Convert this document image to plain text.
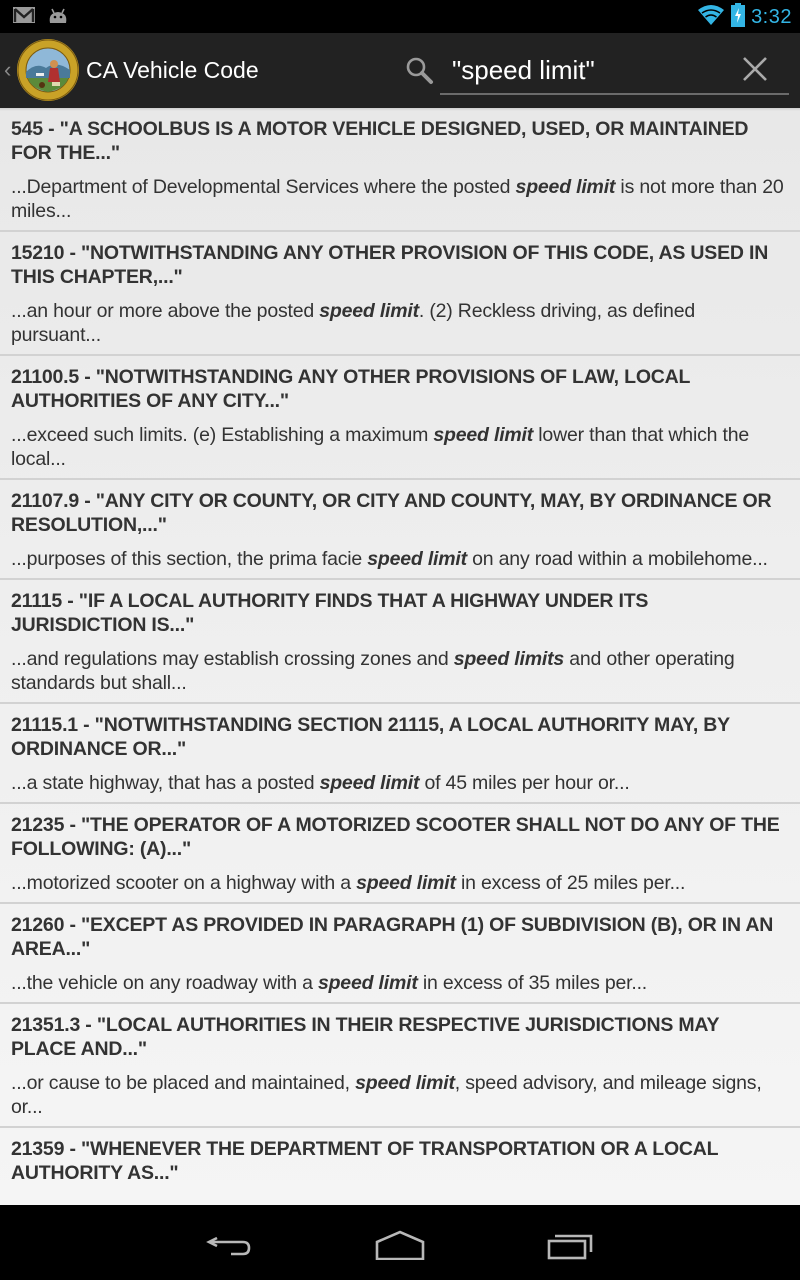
3:32
‹	CA Vehicle Code
"speed limit"
545 - "A SCHOOLBUS IS A MOTOR VEHICLE DESIGNED, USED, OR MAINTAINED FOR THE..."
...Department of Developmental Services where the posted speed limit is not more than 20 miles...
15210 - "NOTWITHSTANDING ANY OTHER PROVISION OF THIS CODE, AS USED IN THIS CHAPTER,..."
...an hour or more above the posted speed limit. (2) Reckless driving, as defined pursuant...
21100.5 - "NOTWITHSTANDING ANY OTHER PROVISIONS OF LAW, LOCAL AUTHORITIES OF ANY CITY..."
...exceed such limits. (e) Establishing a maximum speed limit lower than that which the local...
21107.9 - "ANY CITY OR COUNTY, OR CITY AND COUNTY, MAY, BY ORDINANCE OR RESOLUTION,..."
...purposes of this section, the prima facie speed limit on any road within a mobilehome...
21115 - "IF A LOCAL AUTHORITY FINDS THAT A HIGHWAY UNDER ITS JURISDICTION IS..."
...and regulations may establish crossing zones and speed limits and other operating standards but shall...
21115.1 - "NOTWITHSTANDING SECTION 21115, A LOCAL AUTHORITY MAY, BY ORDINANCE OR..."
...a state highway, that has a posted speed limit of 45 miles per hour or...
21235 - "THE OPERATOR OF A MOTORIZED SCOOTER SHALL NOT DO ANY OF THE FOLLOWING: (A)..."
...motorized scooter on a highway with a speed limit in excess of 25 miles per...
21260 - "EXCEPT AS PROVIDED IN PARAGRAPH (1) OF SUBDIVISION (B), OR IN AN AREA..."
...the vehicle on any roadway with a speed limit in excess of 35 miles per...
21351.3 - "LOCAL AUTHORITIES IN THEIR RESPECTIVE JURISDICTIONS MAY PLACE AND..."
...or cause to be placed and maintained, speed limit, speed advisory, and mileage signs, or...
21359 - "WHENEVER THE DEPARTMENT OF TRANSPORTATION OR A LOCAL AUTHORITY AS..."
